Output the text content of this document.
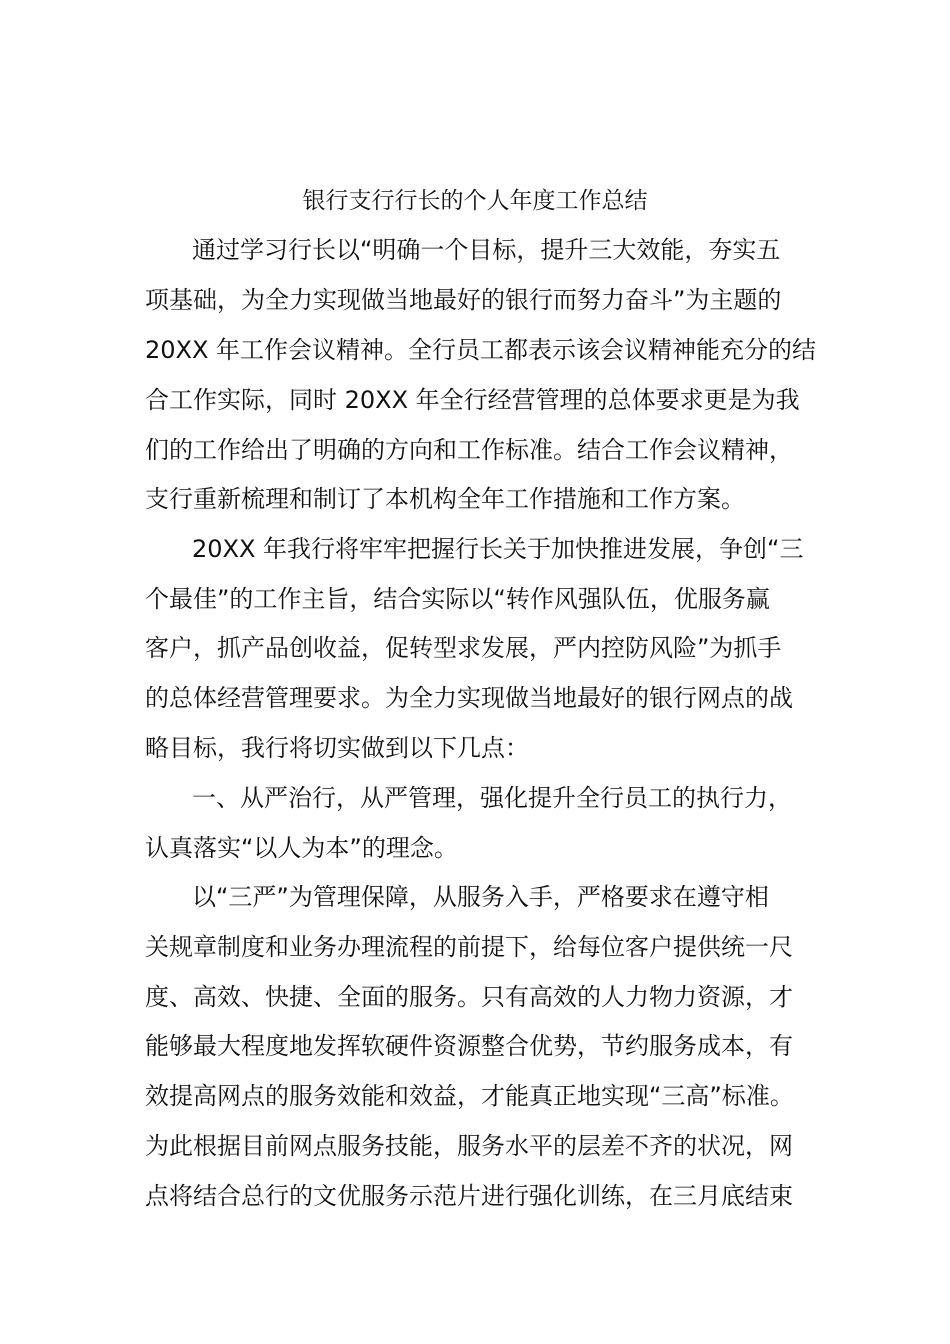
银行支行行长的个人年度工作总结
通过学习行长以“明确一个目标，提升三大效能，夯实五
项基础，为全力实现做当地最好的银行而努力奋斗”为主题的
20XX 年工作会议精神。全行员工都表示该会议精神能充分的结
合工作实际，同时 20XX 年全行经营管理的总体要求更是为我
们的工作给出了明确的方向和工作标准。结合工作会议精神，
支行重新梳理和制订了本机构全年工作措施和工作方案。
20XX 年我行将牢牢把握行长关于加快推进发展，争创“三
个最佳”的工作主旨，结合实际以“转作风强队伍，优服务赢
客户，抓产品创收益，促转型求发展，严内控防风险”为抓手
的总体经营管理要求。为全力实现做当地最好的银行网点的战
略目标，我行将切实做到以下几点：
一、从严治行，从严管理，强化提升全行员工的执行力，
认真落实“以人为本”的理念。
以“三严”为管理保障，从服务入手，严格要求在遵守相
关规章制度和业务办理流程的前提下，给每位客户提供统一尺
度、高效、快捷、全面的服务。只有高效的人力物力资源，才
能够最大程度地发挥软硬件资源整合优势，节约服务成本，有
效提高网点的服务效能和效益，才能真正地实现“三高”标准。
为此根据目前网点服务技能，服务水平的层差不齐的状况，网
点将结合总行的文优服务示范片进行强化训练，在三月底结束
